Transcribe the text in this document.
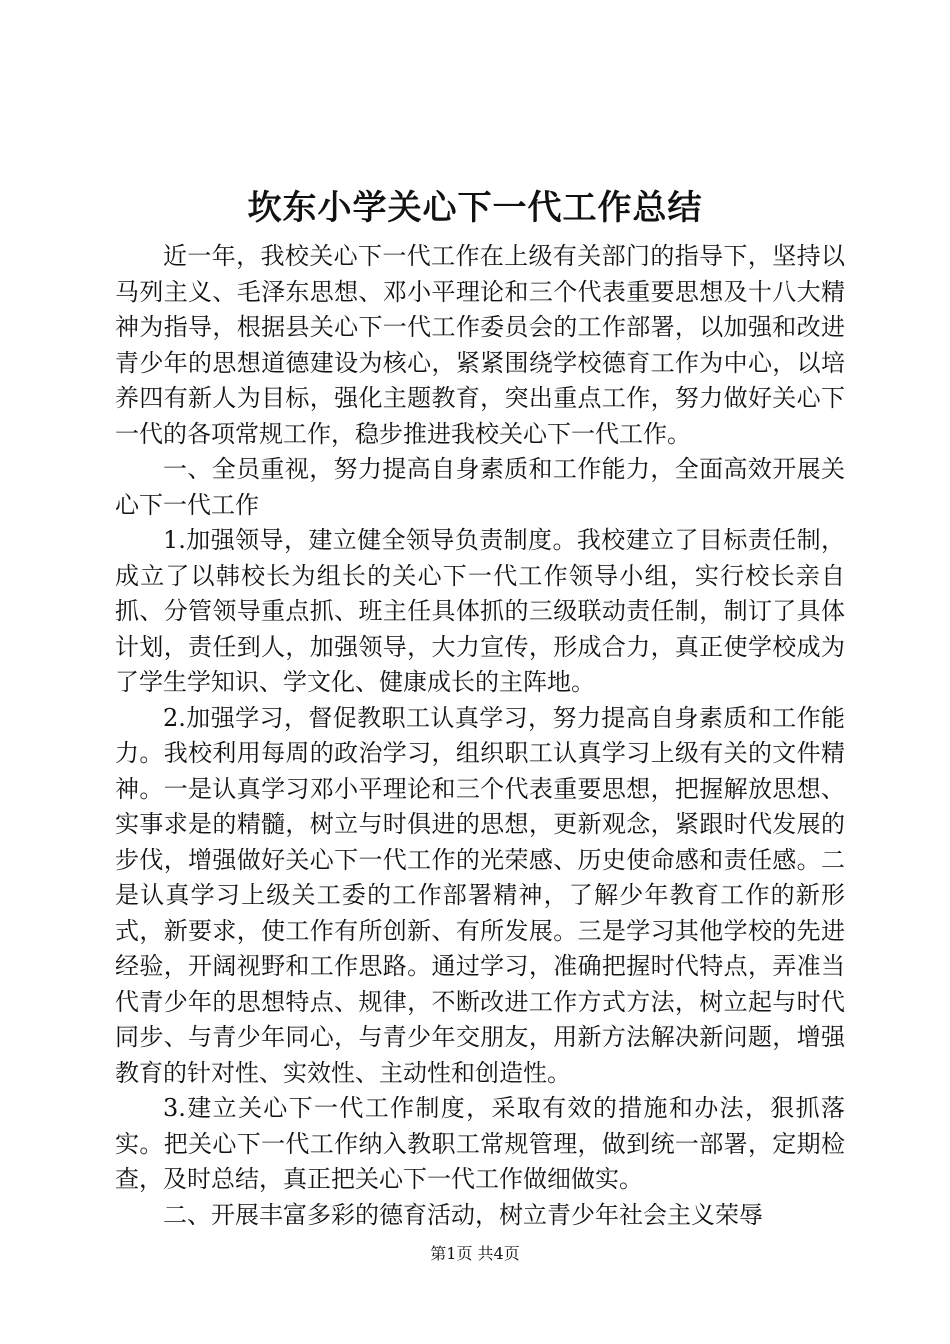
坎东小学关心下一代工作总结

近一年，我校关心下一代工作在上级有关部门的指导下，坚持以马列主义、毛泽东思想、邓小平理论和三个代表重要思想及十八大精神为指导，根据县关心下一代工作委员会的工作部署，以加强和改进青少年的思想道德建设为核心，紧紧围绕学校德育工作为中心，以培养四有新人为目标，强化主题教育，突出重点工作，努力做好关心下一代的各项常规工作，稳步推进我校关心下一代工作。

一、全员重视，努力提高自身素质和工作能力，全面高效开展关心下一代工作

1.加强领导，建立健全领导负责制度。我校建立了目标责任制，成立了以韩校长为组长的关心下一代工作领导小组，实行校长亲自抓、分管领导重点抓、班主任具体抓的三级联动责任制，制订了具体计划，责任到人，加强领导，大力宣传，形成合力，真正使学校成为了学生学知识、学文化、健康成长的主阵地。

2.加强学习，督促教职工认真学习，努力提高自身素质和工作能力。我校利用每周的政治学习，组织职工认真学习上级有关的文件精神。一是认真学习邓小平理论和三个代表重要思想，把握解放思想、实事求是的精髓，树立与时俱进的思想，更新观念，紧跟时代发展的步伐，增强做好关心下一代工作的光荣感、历史使命感和责任感。二是认真学习上级关工委的工作部署精神，了解少年教育工作的新形式，新要求，使工作有所创新、有所发展。三是学习其他学校的先进经验，开阔视野和工作思路。通过学习，准确把握时代特点，弄准当代青少年的思想特点、规律，不断改进工作方式方法，树立起与时代同步、与青少年同心，与青少年交朋友，用新方法解决新问题，增强教育的针对性、实效性、主动性和创造性。

3.建立关心下一代工作制度，采取有效的措施和办法，狠抓落实。把关心下一代工作纳入教职工常规管理，做到统一部署，定期检查，及时总结，真正把关心下一代工作做细做实。

二、开展丰富多彩的德育活动，树立青少年社会主义荣辱

第1页 共4页
